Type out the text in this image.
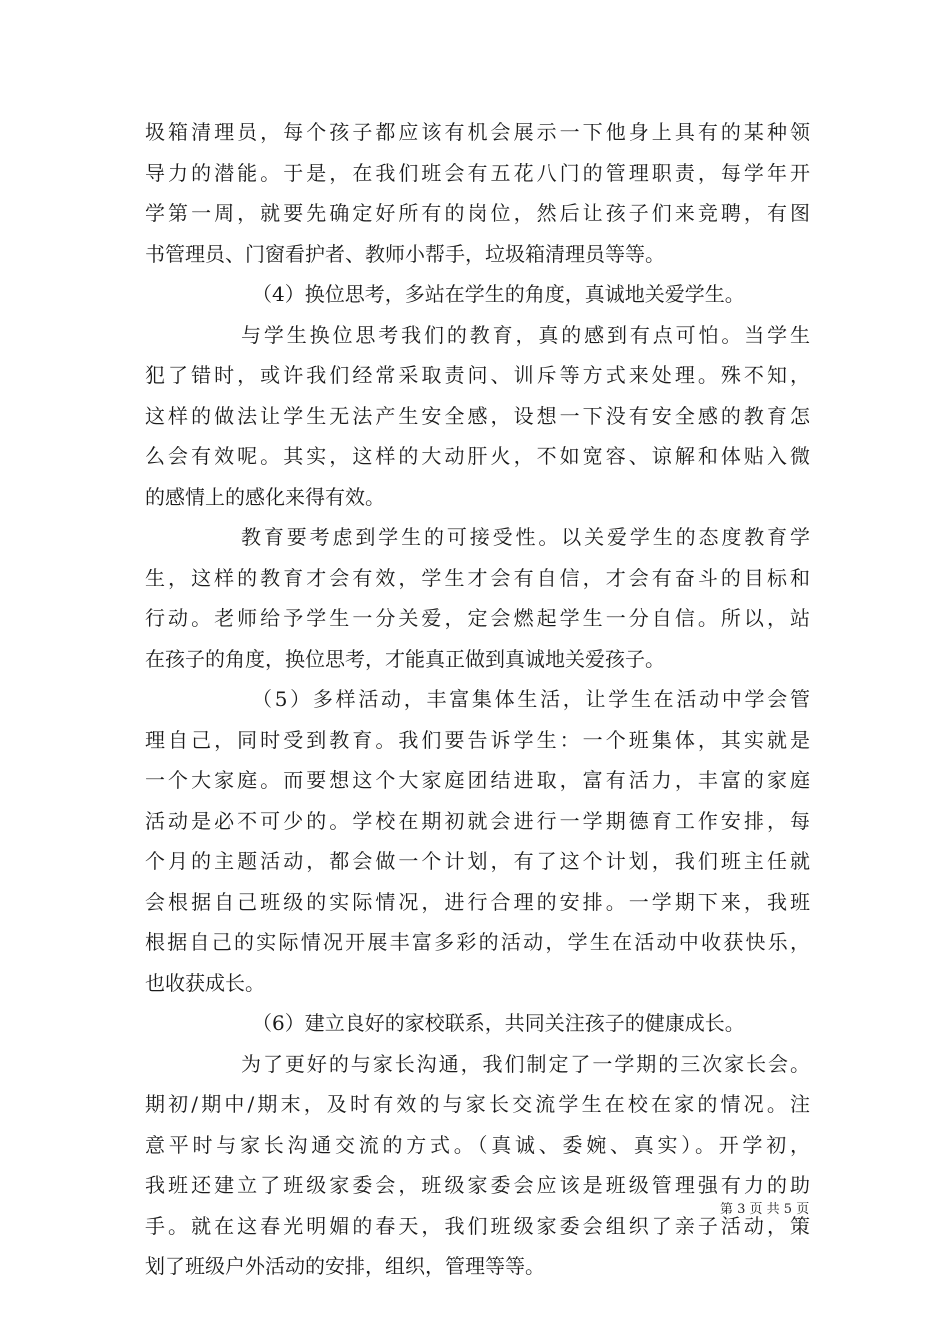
圾箱清理员，每个孩子都应该有机会展示一下他身上具有的某种领
导力的潜能。于是，在我们班会有五花八门的管理职责，每学年开
学第一周，就要先确定好所有的岗位，然后让孩子们来竞聘，有图
书管理员、门窗看护者、教师小帮手，垃圾箱清理员等等。
（4）换位思考，多站在学生的角度，真诚地关爱学生。
与学生换位思考我们的教育，真的感到有点可怕。当学生
犯了错时，或许我们经常采取责问、训斥等方式来处理。殊不知，
这样的做法让学生无法产生安全感，设想一下没有安全感的教育怎
么会有效呢。其实，这样的大动肝火，不如宽容、谅解和体贴入微
的感情上的感化来得有效。
教育要考虑到学生的可接受性。以关爱学生的态度教育学
生，这样的教育才会有效，学生才会有自信，才会有奋斗的目标和
行动。老师给予学生一分关爱，定会燃起学生一分自信。所以，站
在孩子的角度，换位思考，才能真正做到真诚地关爱孩子。
（5）多样活动，丰富集体生活，让学生在活动中学会管
理自己，同时受到教育。我们要告诉学生：一个班集体，其实就是
一个大家庭。而要想这个大家庭团结进取，富有活力，丰富的家庭
活动是必不可少的。学校在期初就会进行一学期德育工作安排，每
个月的主题活动，都会做一个计划，有了这个计划，我们班主任就
会根据自己班级的实际情况，进行合理的安排。一学期下来，我班
根据自己的实际情况开展丰富多彩的活动，学生在活动中收获快乐，
也收获成长。
（6）建立良好的家校联系，共同关注孩子的健康成长。
为了更好的与家长沟通，我们制定了一学期的三次家长会。
期初/期中/期末，及时有效的与家长交流学生在校在家的情况。注
意平时与家长沟通交流的方式。（真诚、委婉、真实）。开学初，
我班还建立了班级家委会，班级家委会应该是班级管理强有力的助
手。就在这春光明媚的春天，我们班级家委会组织了亲子活动，策
划了班级户外活动的安排，组织，管理等等。
第 3 页 共 5 页
